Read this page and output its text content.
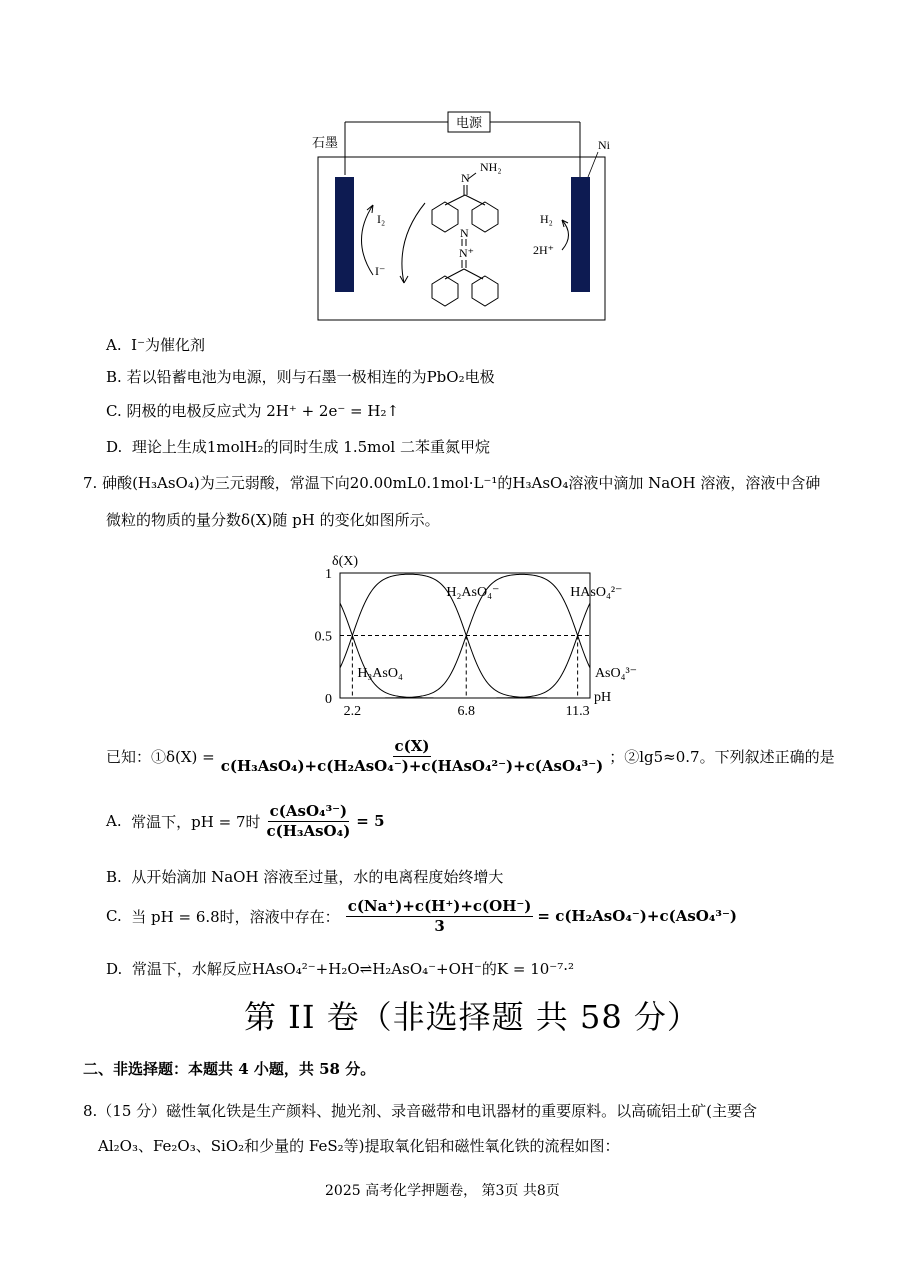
电源
石墨	Ni
I₂
I⁻
NH₂
N
N
N⁺
H₂
2H⁺
A. I⁻为催化剂
B. 若以铅蓄电池为电源，则与石墨一极相连的为PbO₂电极
C. 阴极的电极反应式为 2H⁺ + 2e⁻ = H₂↑
D. 理论上生成1molH₂的同时生成 1.5mol 二苯重氮甲烷
7. 砷酸(H₃AsO₄)为三元弱酸，常温下向20.00mL0.1mol·L⁻¹的H₃AsO₄溶液中滴加 NaOH 溶液，溶液中含砷
微粒的物质的量分数δ(X)随 pH 的变化如图所示。
δ(X)
pH
1
0.5
0
2.2	6.8	11.3
H₃AsO₄
H₂AsO₄⁻	HAsO₄²⁻
AsO₄³⁻
已知：①δ(X) = $\frac{c(X)}{\text{c(H₃AsO₄)+c(H₂AsO₄⁻)+c(HAsO₄²⁻)+c(AsO₄³⁻)}}$ ；②lg5≈0.7。下列叙述正确的是
A.
常温下，pH = 7时 $\frac{\text{c(AsO₄³⁻)}}{\text{c(H₃AsO₄)}} = 5$
B. 从开始滴加 NaOH 溶液至过量，水的电离程度始终增大
C.
当 pH = 6.8时，溶液中存在： $\frac{c(Na^+)+c(H^+)+c(OH^-)}{3} = c(H_2AsO_4^-)+c(AsO_4^{3-})$
D. 常温下，水解反应HAsO₄²⁻+H₂O⇌H₂AsO₄⁻+OH⁻的K = 10⁻⁷·²
第 II 卷（非选择题 共 58 分）
二、非选择题：本题共 4 小题，共 58 分。
8.（15 分）磁性氧化铁是生产颜料、抛光剂、录音磁带和电讯器材的重要原料。以高硫铝土矿(主要含
Al₂O₃、Fe₂O₃、SiO₂和少量的 FeS₂等)提取氧化铝和磁性氧化铁的流程如图：
2025 高考化学押题卷， 第3页 共8页
